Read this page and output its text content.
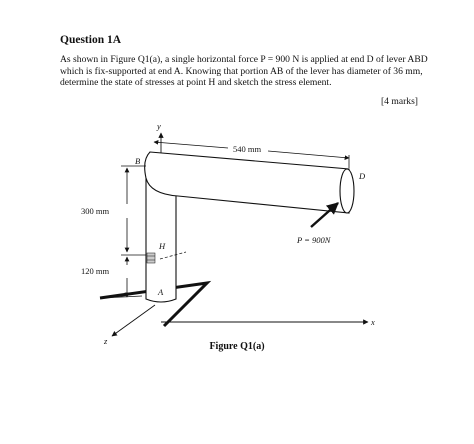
Question 1A

As shown in Figure Q1(a), a single horizontal force P = 900 N is applied at end D of lever ABD which is fix-supported at end A. Knowing that portion AB of the lever has diameter of 36 mm, determine the state of stresses at point H and sketch the stress element.

[4 marks]
540 mm
300 mm
120 mm
P = 900N
y
x
z
B
D
H
A
Figure Q1(a)
